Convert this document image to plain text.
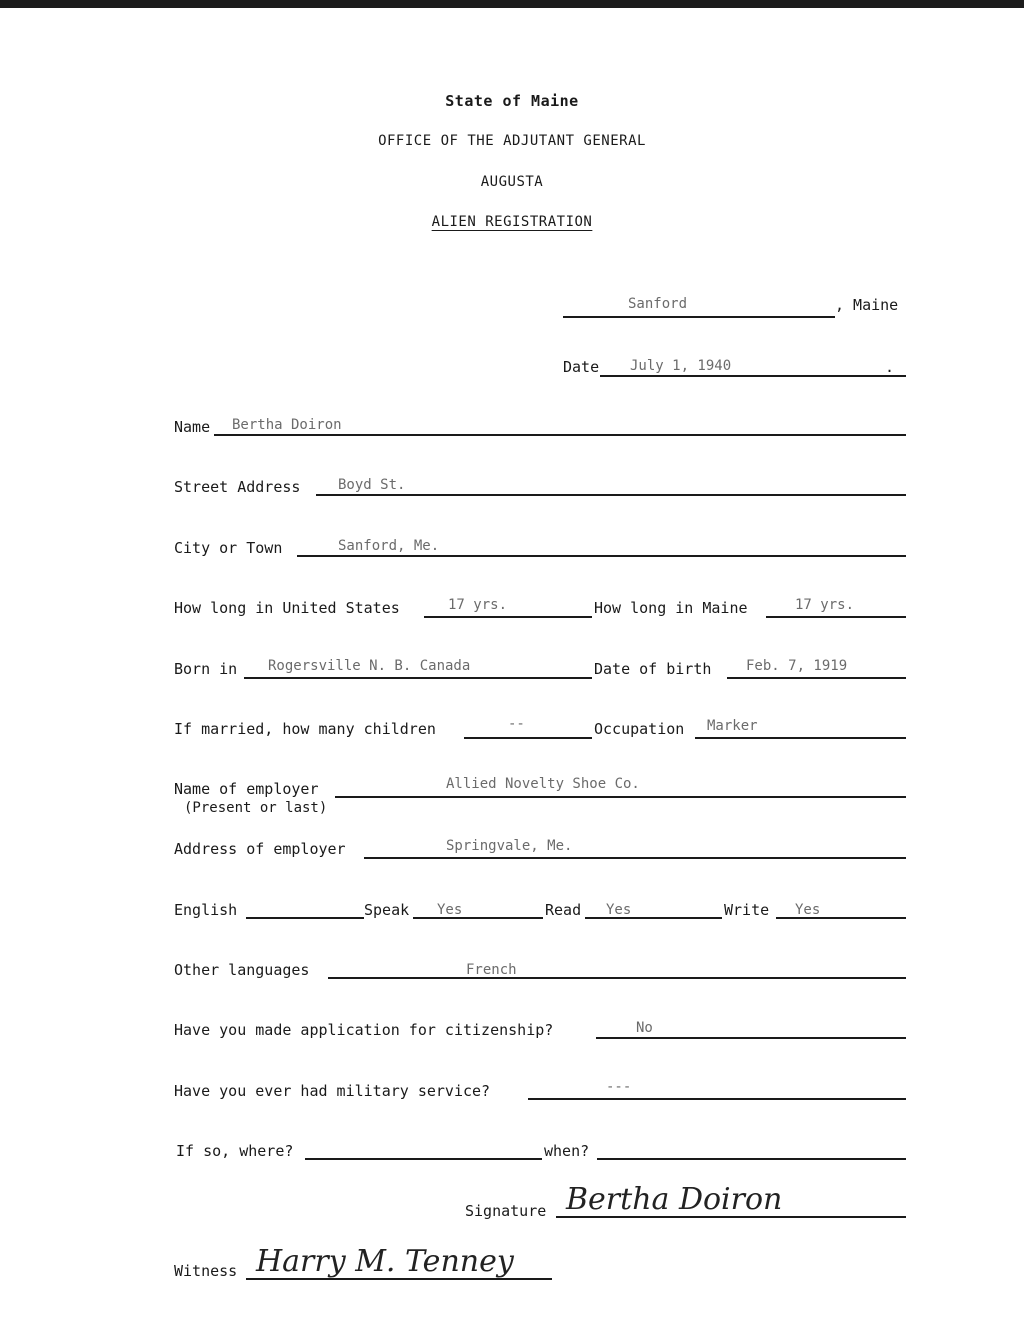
State of Maine
OFFICE OF THE ADJUTANT GENERAL
AUGUSTA
ALIEN REGISTRATION
Sanford	, Maine
Date July 1, 1940	.
Name Bertha Doiron
Street Address	Boyd St.
City or Town	Sanford, Me.
How long in United States	17 yrs.	How long in Maine	17 yrs.
Born in Rogersville N. B. Canada	Date of birth Feb. 7, 1919
If married, how many children	--	Occupation Marker
Name of employer
(Present or last)
Allied Novelty Shoe Co.
Address of employer	Springvale, Me.
English	Speak Yes	Read Yes	Write Yes
Other languages	French
Have you made application for citizenship?	No
Have you ever had military service?	---
If so, where?	when?
Signature Bertha Doiron
Witness Harry M. Tenney
